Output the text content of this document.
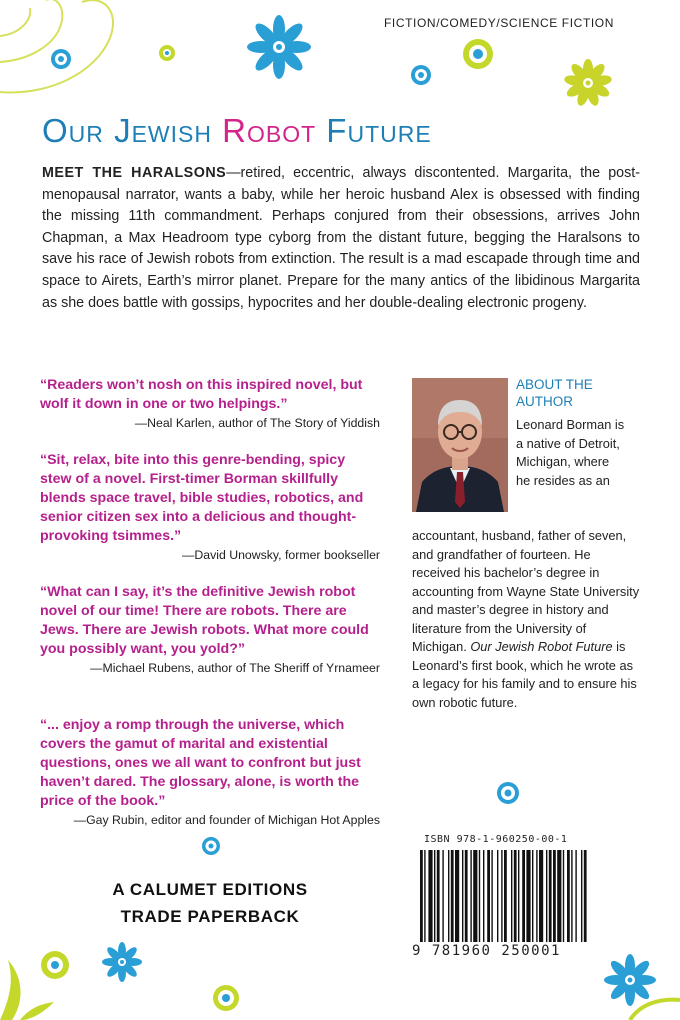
FICTION/COMEDY/SCIENCE FICTION
Our Jewish Robot Future
MEET THE HARALSONS—retired, eccentric, always discontented. Margarita, the post-menopausal narrator, wants a baby, while her heroic husband Alex is obsessed with finding the missing 11th commandment. Perhaps conjured from their obsessions, arrives John Chapman, a Max Headroom type cyborg from the distant future, begging the Haralsons to save his race of Jewish robots from extinction. The result is a mad escapade through time and space to Airets, Earth’s mirror planet. Prepare for the many antics of the libidinous Margarita as she does battle with gossips, hypocrites and her double-dealing electronic progeny.
“Readers won’t nosh on this inspired novel, but wolf it down in one or two helpings.”
—Neal Karlen, author of The Story of Yiddish
“Sit, relax, bite into this genre-bending, spicy stew of a novel. First-timer Borman skillfully blends space travel, bible studies, robotics, and senior citizen sex into a delicious and thought-provoking tsimmes.”
—David Unowsky, former bookseller
“What can I say, it’s the definitive Jewish robot novel of our time! There are robots. There are Jews. There are Jewish robots. What more could you possibly want, you yold?”
—Michael Rubens, author of The Sheriff of Yrnameer
“... enjoy a romp through the universe, which covers the gamut of marital and existential questions, ones we all want to confront but just haven’t dared. The glossary, alone, is worth the price of the book.”
—Gay Rubin, editor and founder of Michigan Hot Apples
ABOUT THE AUTHOR
Leonard Borman is a native of Detroit, Michigan, where he resides as an
accountant, husband, father of seven, and grandfather of fourteen. He received his bachelor’s degree in accounting from Wayne State University and master’s degree in history and literature from the University of Michigan. Our Jewish Robot Future is Leonard’s first book, which he wrote as a legacy for his family and to ensure his own robotic future.
A CALUMET EDITIONS
TRADE PAPERBACK
ISBN 978-1-960250-00-1
9 781960 250001
